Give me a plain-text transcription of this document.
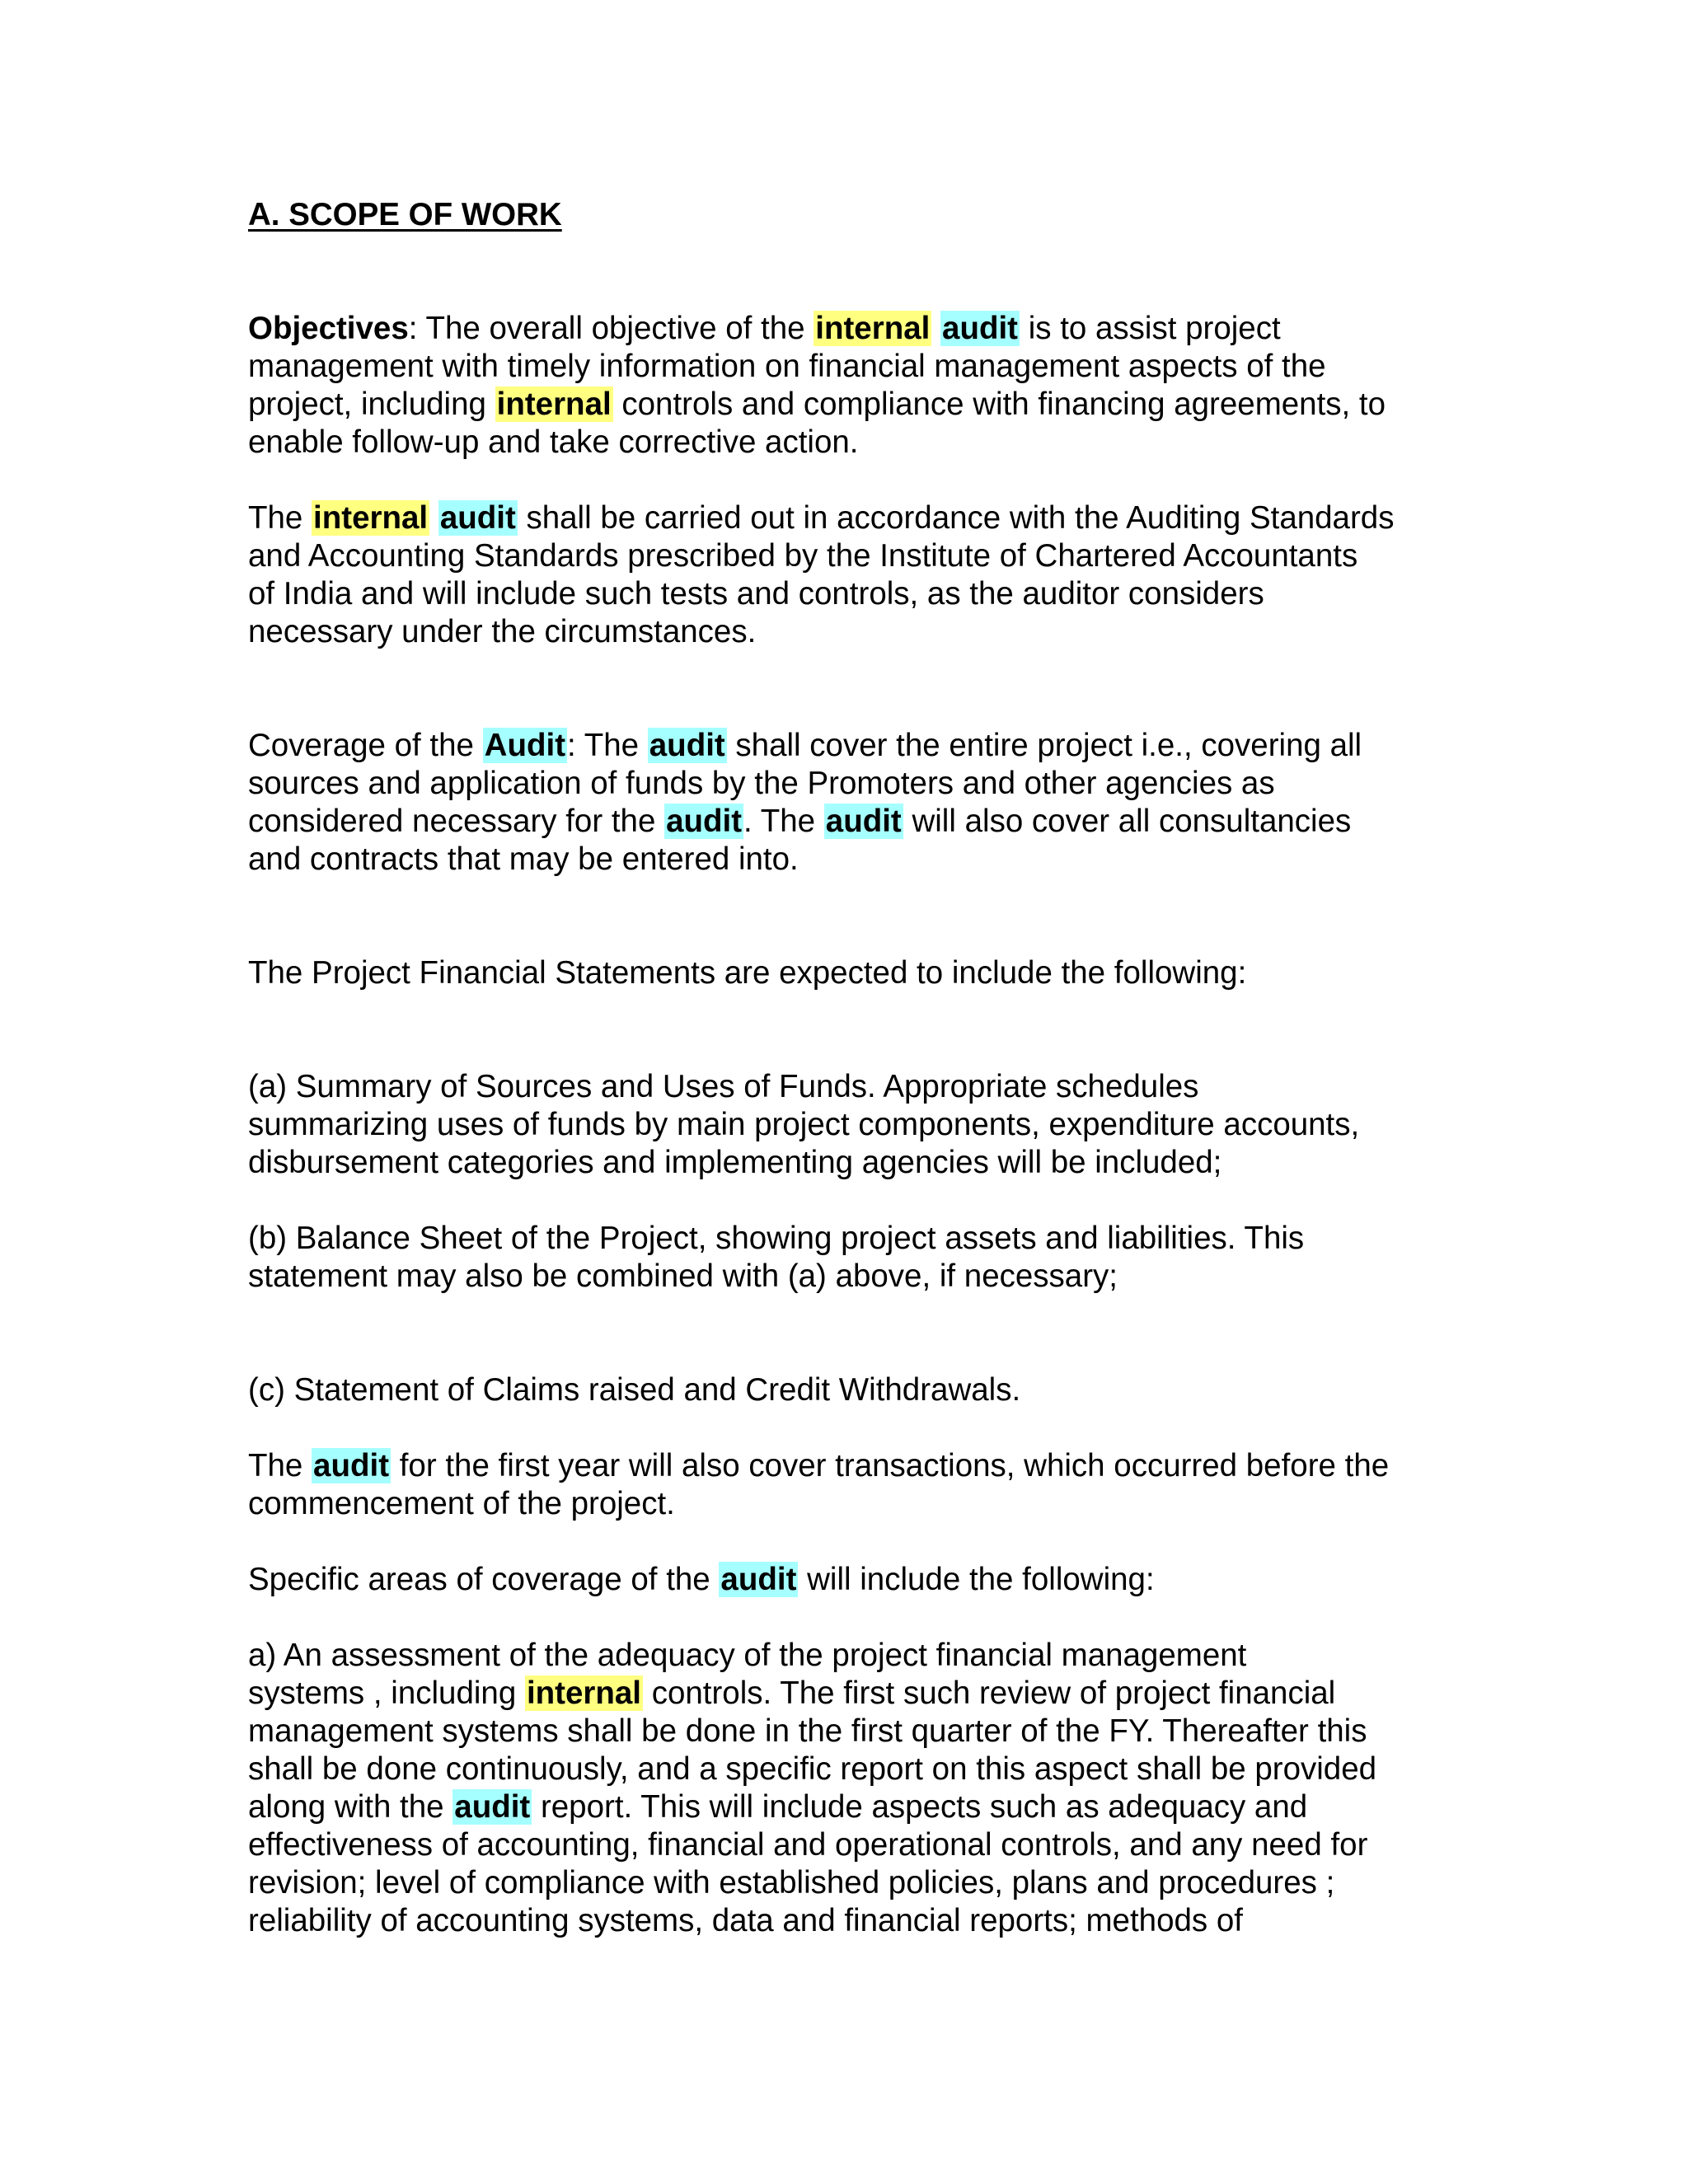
A. SCOPE OF WORK
Objectives: The overall objective of the internal audit is to assist project
management with timely information on financial management aspects of the
project, including internal controls and compliance with financing agreements, to
enable follow-up and take corrective action.
The internal audit shall be carried out in accordance with the Auditing Standards
and Accounting Standards prescribed by the Institute of Chartered Accountants
of India and will include such tests and controls, as the auditor considers
necessary under the circumstances.
Coverage of the Audit: The audit shall cover the entire project i.e., covering all
sources and application of funds by the Promoters and other agencies as
considered necessary for the audit. The audit will also cover all consultancies
and contracts that may be entered into.
The Project Financial Statements are expected to include the following:
(a) Summary of Sources and Uses of Funds. Appropriate schedules
summarizing uses of funds by main project components, expenditure accounts,
disbursement categories and implementing agencies will be included;
(b) Balance Sheet of the Project, showing project assets and liabilities. This
statement may also be combined with (a) above, if necessary;
(c) Statement of Claims raised and Credit Withdrawals.
The audit for the first year will also cover transactions, which occurred before the
commencement of the project.
Specific areas of coverage of the audit will include the following:
a) An assessment of the adequacy of the project financial management
systems , including internal controls. The first such review of project financial
management systems shall be done in the first quarter of the FY. Thereafter this
shall be done continuously, and a specific report on this aspect shall be provided
along with the audit report. This will include aspects such as adequacy and
effectiveness of accounting, financial and operational controls, and any need for
revision; level of compliance with established policies, plans and procedures ;
reliability of accounting systems, data and financial reports; methods of
